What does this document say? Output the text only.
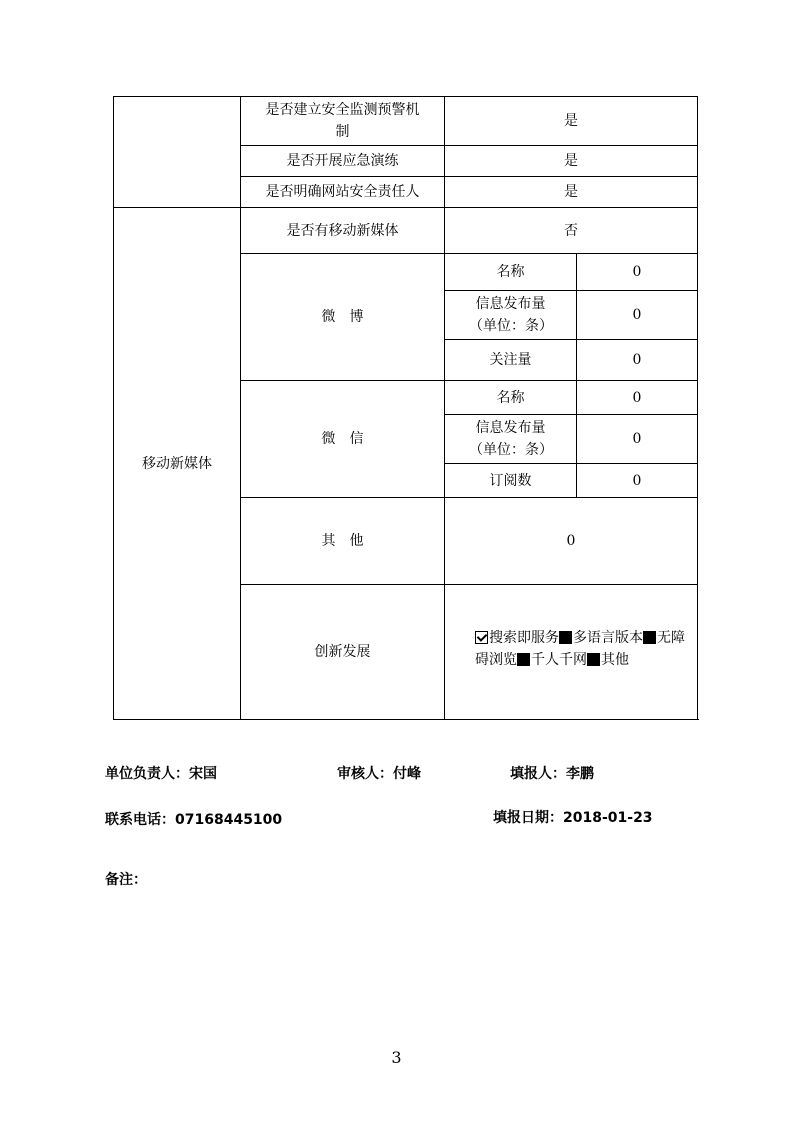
	是否建立安全监测预警机制	是	
	是否开展应急演练	是	
	是否明确网站安全责任人	是	
移动新媒体	是否有移动新媒体	否	
	微　博	名称	0
		信息发布量（单位：条）	0
		关注量	0
	微　信	名称	0
		信息发布量（单位：条）	0
		订阅数	0
	其　他	0	
	创新发展	搜索即服务 多语言版本 无障碍浏览 千人千网 其他	
单位负责人：宋国	审核人：付峰	填报人：李鹏
联系电话：07168445100	填报日期：2018-01-23
备注：
3
